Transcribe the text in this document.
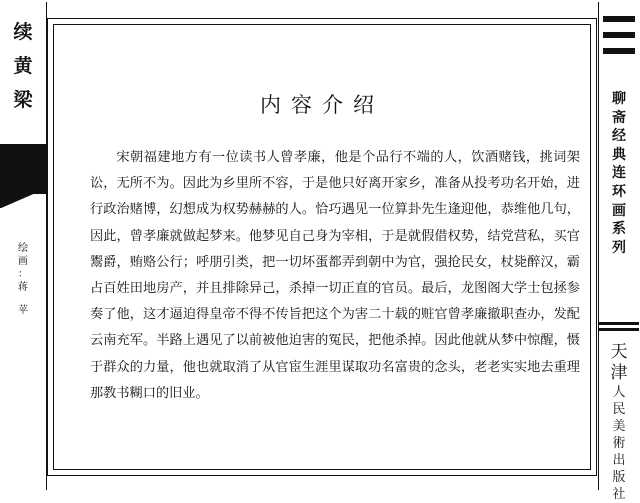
续
黄
梁
绘
画
：
蒋
苹
内容介绍

宋朝福建地方有一位读书人曾孝廉，他是个品行不端的人，饮酒赌钱，挑词架讼，无所不为。因此为乡里所不容，于是他只好离开家乡，准备从投考功名开始，进行政治赌博，幻想成为权势赫赫的人。恰巧遇见一位算卦先生逢迎他，恭维他几句，因此，曾孝廉就做起梦来。他梦见自己身为宰相，于是就假借权势，结党营私，买官鬻爵，贿赂公行；呼朋引类，把一切坏蛋都弄到朝中为官，强抢民女，杖毙醉汉，霸占百姓田地房产，并且排除异己，杀掉一切正直的官员。最后，龙图阁大学士包拯参奏了他，这才逼迫得皇帝不得不传旨把这个为害二十载的赃官曾孝廉撤职查办，发配云南充军。半路上遇见了以前被他迫害的冤民，把他杀掉。因此他就从梦中惊醒，慑于群众的力量，他也就取消了从官宦生涯里谋取功名富贵的念头，老老实实地去重理那教书糊口的旧业。

聊
斋
经
典
连
环
画
系
列
天
津
人
民
美
術
出
版
社
